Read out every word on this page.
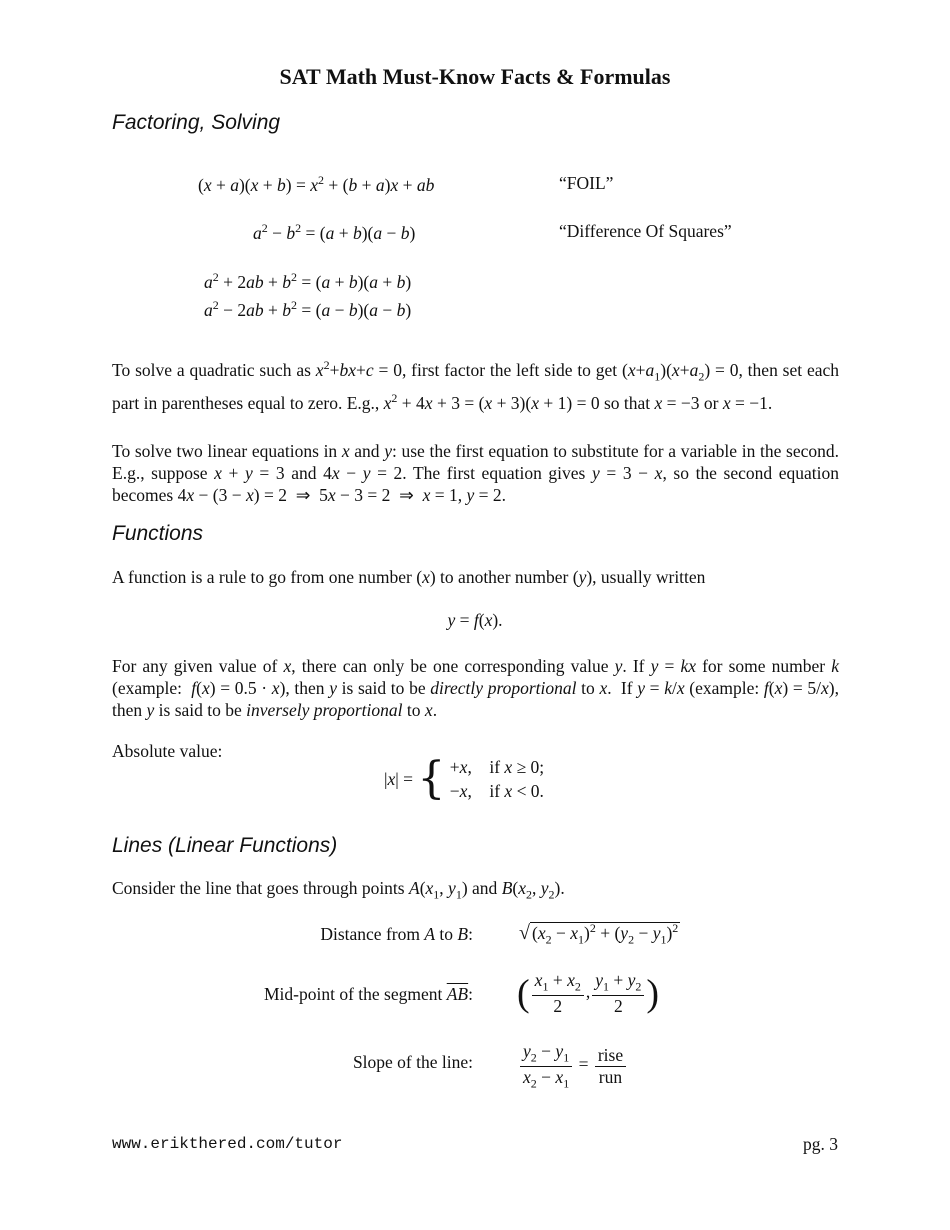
SAT Math Must-Know Facts & Formulas
Factoring, Solving
$(x + a)(x + b) = x^2 + (b + a)x$ + ab	“FOIL”
$a^2 - b^2 = (a + b)(a - b)$	“Difference Of Squares”
$a^2 + 2ab + b^2 = (a + b)(a + b)$
$a^2 - 2ab + b^2 = (a - b)(a - b)$
To solve a quadratic such as $x^2+bx+c = 0$, first factor the left side to get $(x+a_1)(x+a_2) = 0$, then set each part in parentheses equal to zero. E.g., $x^2 + 4x + 3 = (x + 3)(x + 1) = 0$ so that x = −3 or x = −1.
To solve two linear equations in x and y: use the first equation to substitute for a variable in the second. E.g., suppose x + y = 3 and 4x − y = 2. The first equation gives y = 3 − x, so the second equation becomes 4x − (3 − x) = 2  ⇒  5x − 3 = 2  ⇒  x = 1, y = 2.
Functions
A function is a rule to go from one number (x) to another number (y), usually written
y = f(x).
For any given value of x, there can only be one corresponding value y. If y = kx for some number k (example:  f(x) = 0.5 · x), then y is said to be directly proportional to x.  If y = k/x (example: f(x) = 5/x), then y is said to be inversely proportional to x.
Absolute value:
|x| = { +x,    if x ≥ 0;
−x,    if x < 0.
Lines (Linear Functions)
Consider the line that goes through points $A(x_1$, $y_1$) and $B(x_2$, $y_2$).
Distance from A to B: √ $(x_2 - x_1)^2 + (y_2 - y_1)^2$
Mid-point of the segment $\overline{AB}$: ( $\frac{x_1 + x_2}{2}$ , $\frac{y_1 + y_2}{2}$ )
Slope of the line:	$\frac{y_2 - y_1}{x_2 - x_1} = \frac{\text{rise}}{\text{run}}$
www.erikthered.com/tutor	pg. 3
